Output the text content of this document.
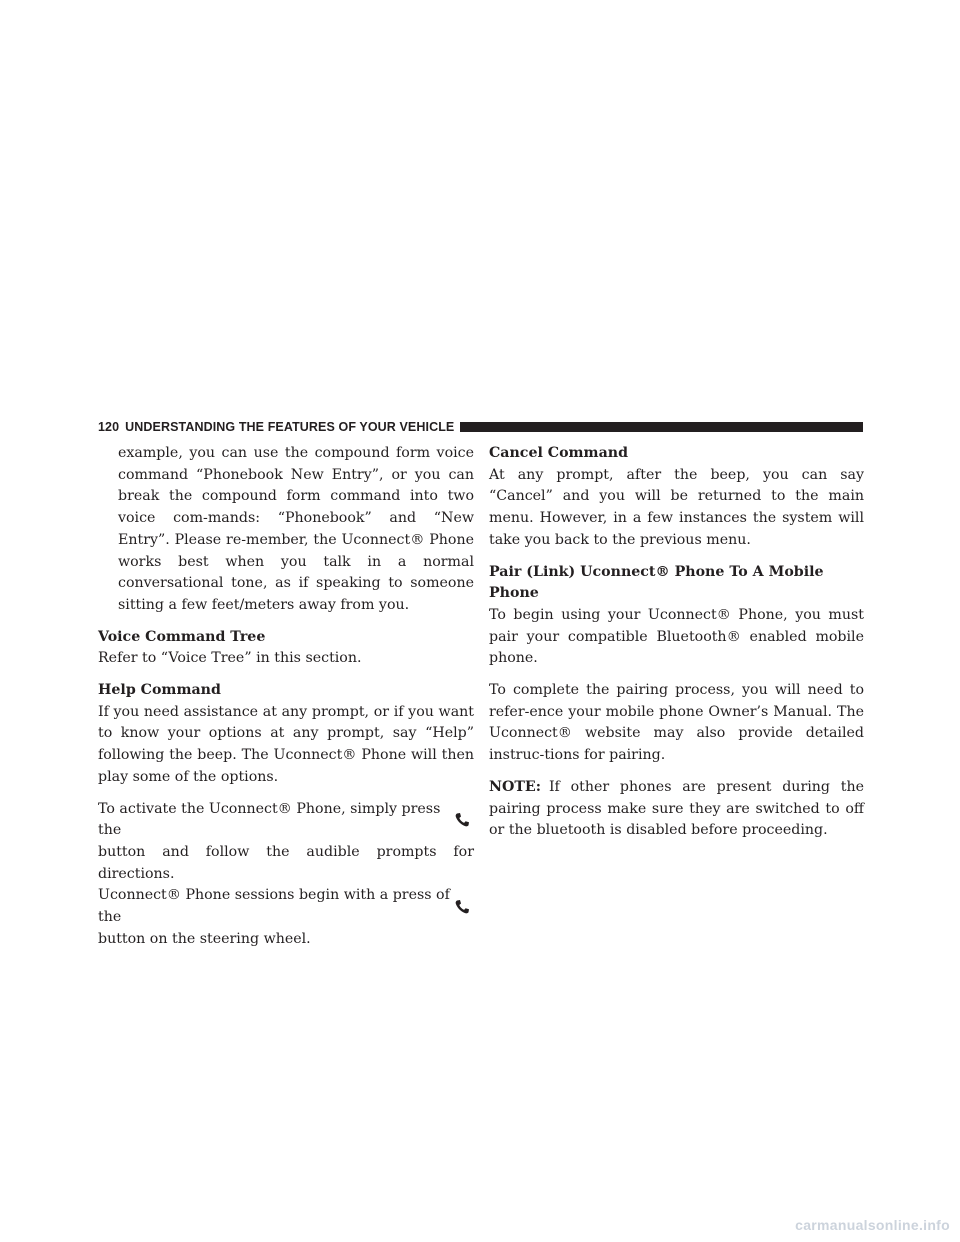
120 UNDERSTANDING THE FEATURES OF YOUR VEHICLE

example, you can use the compound form voice command “Phonebook New Entry”, or you can break the compound form command into two voice com-mands: “Phonebook” and “New Entry”. Please re-member, the Uconnect® Phone works best when you talk in a normal conversational tone, as if speaking to someone sitting a few feet/meters away from you.

Voice Command Tree

Refer to “Voice Tree” in this section.

Help Command

If you need assistance at any prompt, or if you want to know your options at any prompt, say “Help” following the beep. The Uconnect® Phone will then play some of the options.

To activate the Uconnect® Phone, simply press the
button and follow the audible prompts for directions.
Uconnect® Phone sessions begin with a press of the
button on the steering wheel.
Cancel Command

At any prompt, after the beep, you can say “Cancel” and you will be returned to the main menu. However, in a few instances the system will take you back to the previous menu.

Pair (Link) Uconnect® Phone To A Mobile Phone

To begin using your Uconnect® Phone, you must pair your compatible Bluetooth® enabled mobile phone.

To complete the pairing process, you will need to refer-ence your mobile phone Owner’s Manual. The Uconnect® website may also provide detailed instruc-tions for pairing.

NOTE: If other phones are present during the pairing process make sure they are switched to off or the bluetooth is disabled before proceeding.

carmanualsonline.info
